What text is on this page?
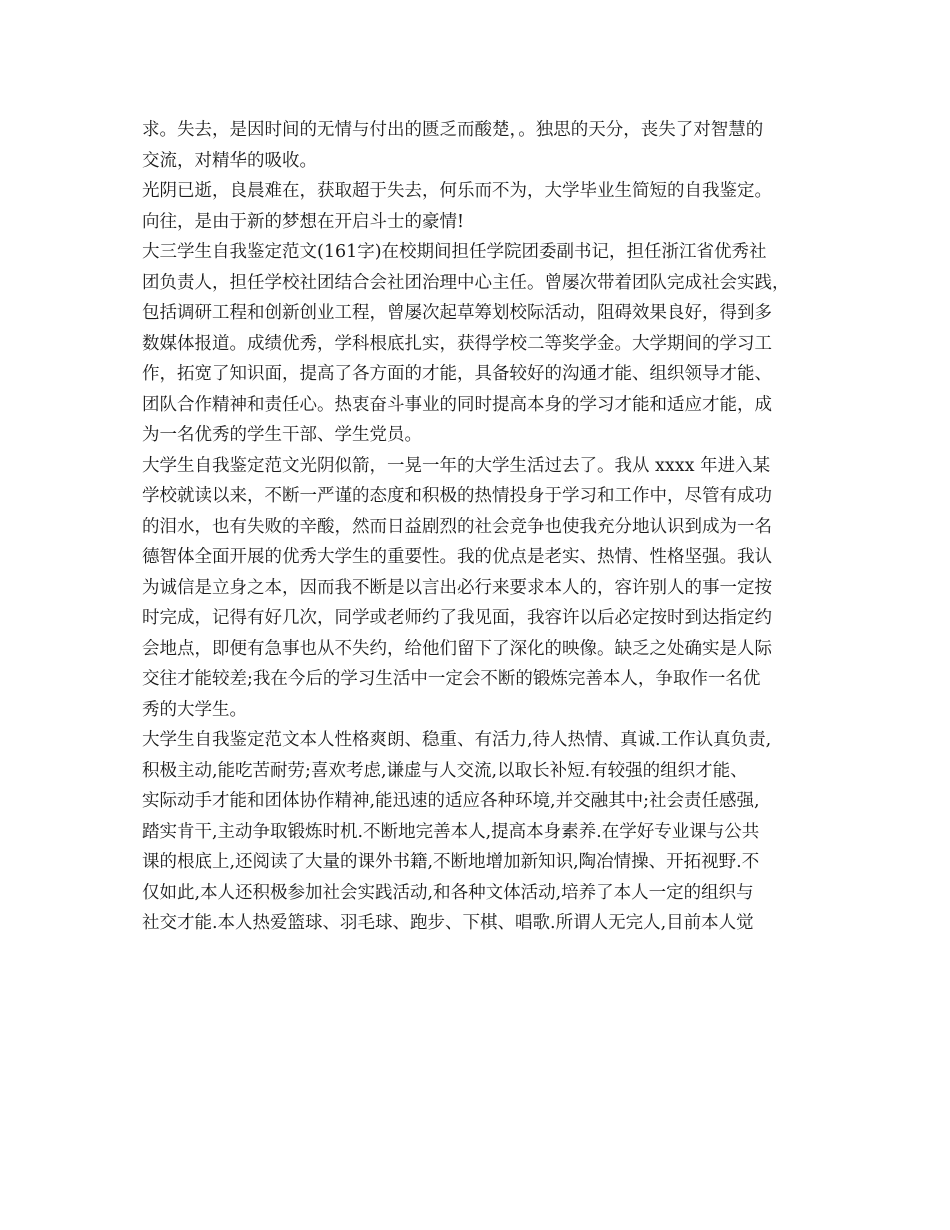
求。失去，是因时间的无情与付出的匮乏而酸楚，。独思的天分，丧失了对智慧的
交流，对精华的吸收。
光阴已逝，良晨难在，获取超于失去，何乐而不为，大学毕业生简短的自我鉴定。
向往，是由于新的梦想在开启斗士的豪情!
大三学生自我鉴定范文(161字)在校期间担任学院团委副书记，担任浙江省优秀社
团负责人，担任学校社团结合会社团治理中心主任。曾屡次带着团队完成社会实践，
包括调研工程和创新创业工程，曾屡次起草筹划校际活动，阻碍效果良好，得到多
数媒体报道。成绩优秀，学科根底扎实，获得学校二等奖学金。大学期间的学习工
作，拓宽了知识面，提高了各方面的才能，具备较好的沟通才能、组织领导才能、
团队合作精神和责任心。热衷奋斗事业的同时提高本身的学习才能和适应才能，成
为一名优秀的学生干部、学生党员。
大学生自我鉴定范文光阴似箭，一晃一年的大学生活过去了。我从 xxxx 年进入某
学校就读以来，不断一严谨的态度和积极的热情投身于学习和工作中，尽管有成功
的泪水，也有失败的辛酸，然而日益剧烈的社会竞争也使我充分地认识到成为一名
德智体全面开展的优秀大学生的重要性。我的优点是老实、热情、性格坚强。我认
为诚信是立身之本，因而我不断是以言出必行来要求本人的，容许别人的事一定按
时完成，记得有好几次，同学或老师约了我见面，我容许以后必定按时到达指定约
会地点，即便有急事也从不失约，给他们留下了深化的映像。缺乏之处确实是人际
交往才能较差;我在今后的学习生活中一定会不断的锻炼完善本人，争取作一名优
秀的大学生。
大学生自我鉴定范文本人性格爽朗、稳重、有活力,待人热情、真诚.工作认真负责,
积极主动,能吃苦耐劳;喜欢考虑,谦虚与人交流,以取长补短.有较强的组织才能、
实际动手才能和团体协作精神,能迅速的适应各种环境,并交融其中;社会责任感强,
踏实肯干,主动争取锻炼时机.不断地完善本人,提高本身素养.在学好专业课与公共
课的根底上,还阅读了大量的课外书籍,不断地增加新知识,陶冶情操、开拓视野.不
仅如此,本人还积极参加社会实践活动,和各种文体活动,培养了本人一定的组织与
社交才能.本人热爱篮球、羽毛球、跑步、下棋、唱歌.所谓人无完人,目前本人觉
